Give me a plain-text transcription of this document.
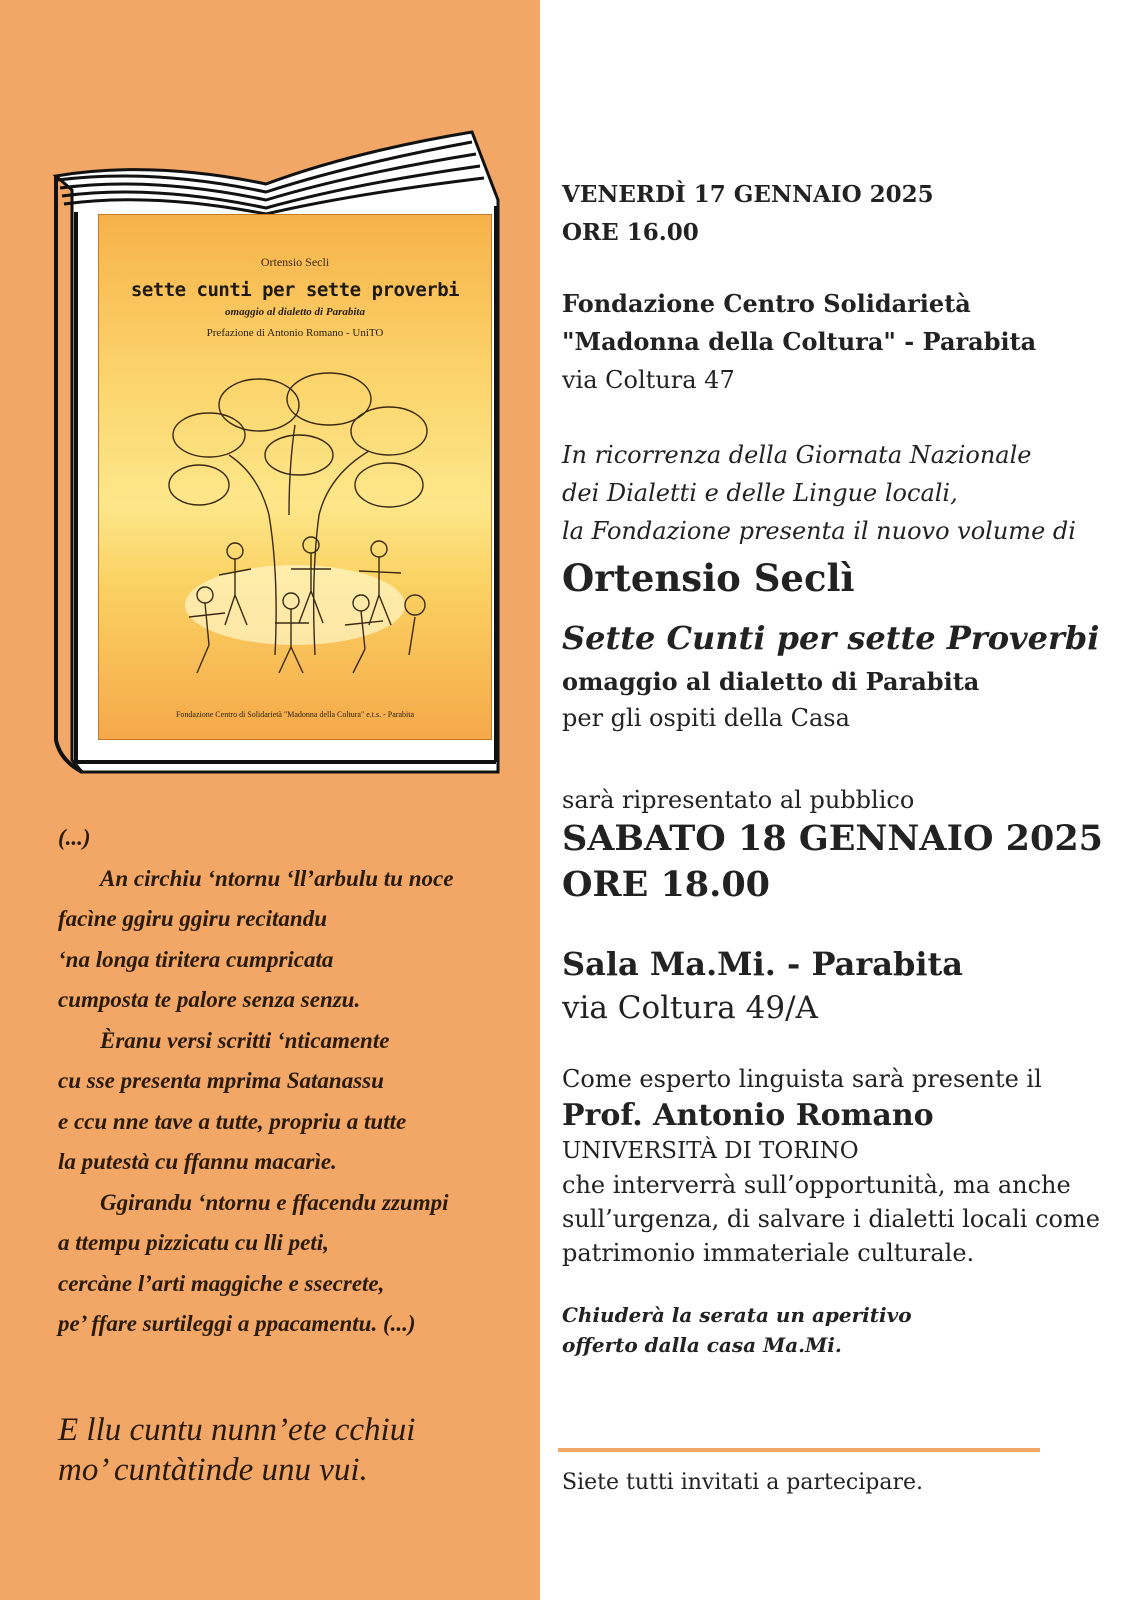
Ortensio Secli
sette cunti per sette proverbi
omaggio al dialetto di Parabita
Prefazione di Antonio Romano - UniTO
Fondazione Centro di Solidarietà "Madonna della Coltura" e.t.s. - Parabita
(...)
An circhiu ‘ntornu ‘ll’arbulu tu noce
facìne ggiru ggiru recitandu
‘na longa tiritera cumpricata
cumposta te palore senza senzu.
Èranu versi scritti ‘nticamente
cu sse presenta mprima Satanassu
e ccu nne tave a tutte, propriu a tutte
la putestà cu ffannu macarìe.
Ggirandu ‘ntornu e ffacendu zzumpi
a ttempu pizzicatu cu lli peti,
cercàne l’arti maggiche e ssecrete,
pe’ ffare surtileggi a ppacamentu. (...)
E llu cuntu nunn’ete cchiui
mo’ cuntàtinde unu vui.
VENERDÌ 17 GENNAIO 2025
ORE 16.00
Fondazione Centro Solidarietà
"Madonna della Coltura" - Parabita
via Coltura 47
In ricorrenza della Giornata Nazionale
dei Dialetti e delle Lingue locali,
la Fondazione presenta il nuovo volume di
Ortensio Seclì
Sette Cunti per sette Proverbi
omaggio al dialetto di Parabita
per gli ospiti della Casa
sarà ripresentato al pubblico
SABATO 18 GENNAIO 2025
ORE 18.00
Sala Ma.Mi. - Parabita
via Coltura 49/A
Come esperto linguista sarà presente il
Prof. Antonio Romano
UNIVERSITÀ DI TORINO
che interverrà sull’opportunità, ma anche
sull’urgenza, di salvare i dialetti locali come
patrimonio immateriale culturale.
Chiuderà la serata un aperitivo
offerto dalla casa Ma.Mi.
Siete tutti invitati a partecipare.
